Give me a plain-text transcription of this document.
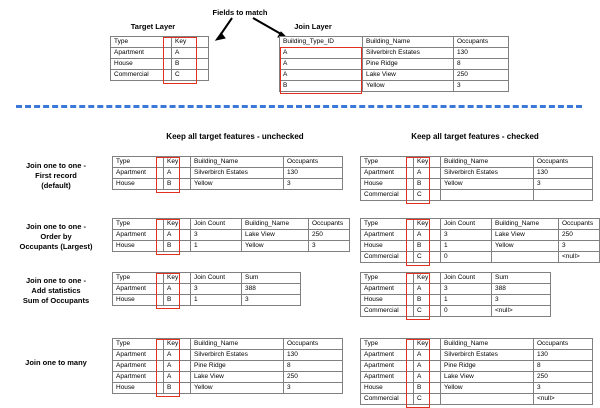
Target Layer
Fields to match
Join Layer
Type	Key
Apartment	A
House	B
Commercial	C
Building_Type_ID	Building_Name	Occupants
A	Silverbirch Estates	130
A	Pine Ridge	8
A	Lake View	250
B	Yellow	3
Keep all target features - unchecked	Keep all target features - checked
Join one to one -
First record
(default)
Type	Key	Building_Name	Occupants
Apartment	A	Silverbirch Estates	130
House	B	Yellow	3
Type	Key	Building_Name	Occupants
Apartment	A	Silverbirch Estates	130
House	B	Yellow	3
Commercial	C		
Join one to one -
Order by
Occupants (Largest)
Type	Key	Join Count	Building_Name	Occupants
Apartment	A	3	Lake View	250
House	B	1	Yellow	3
Type	Key	Join Count	Building_Name	Occupants
Apartment	A	3	Lake View	250
House	B	1	Yellow	3
Commercial	C	0		<null>
Join one to one -
Add statistics
Sum of Occupants
Type	Key	Join Count	Sum
Apartment	A	3	388
House	B	1	3
Type	Key	Join Count	Sum
Apartment	A	3	388
House	B	1	3
Commercial	C	0	<null>
Join one to many
Type	Key	Building_Name	Occupants
Apartment	A	Silverbirch Estates	130
Apartment	A	Pine Ridge	8
Apartment	A	Lake View	250
House	B	Yellow	3
Type	Key	Building_Name	Occupants
Apartment	A	Silverbirch Estates	130
Apartment	A	Pine Ridge	8
Apartment	A	Lake View	250
House	B	Yellow	3
Commercial	C		<null>
